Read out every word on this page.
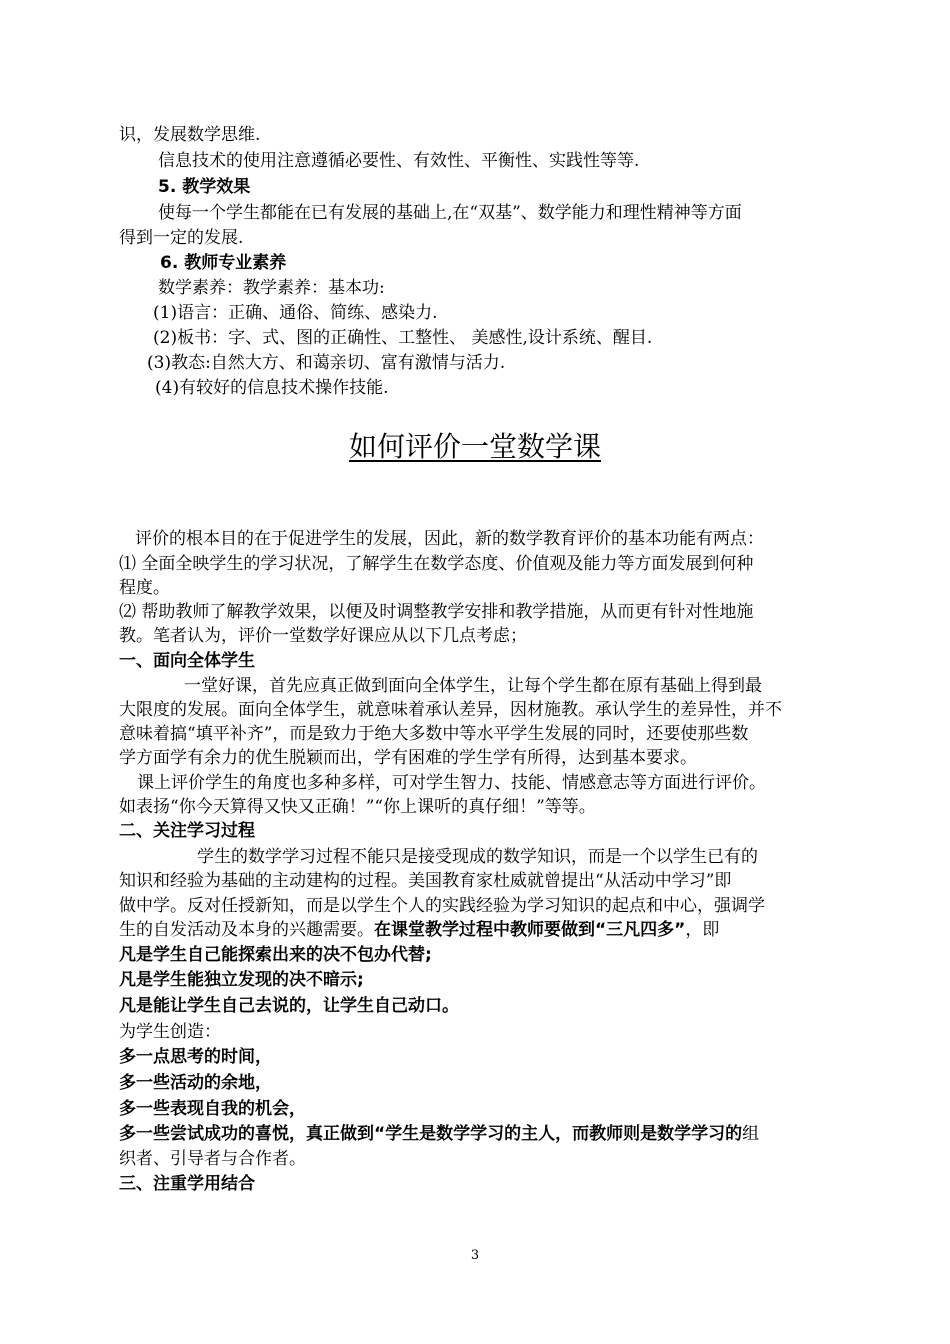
识，发展数学思维.
信息技术的使用注意遵循必要性、有效性、平衡性、实践性等等.
5. 教学效果
使每一个学生都能在已有发展的基础上,在“双基”、数学能力和理性精神等方面
得到一定的发展.
6. 教师专业素养
数学素养：教学素养：基本功:
(1)语言：正确、通俗、简练、感染力.
(2)板书：字、式、图的正确性、工整性、 美感性,设计系统、醒目.
(3)教态:自然大方、和蔼亲切、富有激情与活力.
(4)有较好的信息技术操作技能.
如何评价一堂数学课
评价的根本目的在于促进学生的发展，因此，新的数学教育评价的基本功能有两点：
⑴ 全面全映学生的学习状况，了解学生在数学态度、价值观及能力等方面发展到何种
程度。
⑵ 帮助教师了解教学效果，以便及时调整教学安排和教学措施，从而更有针对性地施
教。笔者认为，评价一堂数学好课应从以下几点考虑；
一、面向全体学生
一堂好课，首先应真正做到面向全体学生，让每个学生都在原有基础上得到最
大限度的发展。面向全体学生，就意味着承认差异，因材施教。承认学生的差异性，并不
意味着搞“填平补齐”，而是致力于绝大多数中等水平学生发展的同时，还要使那些数
学方面学有余力的优生脱颖而出，学有困难的学生学有所得，达到基本要求。
课上评价学生的角度也多种多样，可对学生智力、技能、情感意志等方面进行评价。
如表扬“你今天算得又快又正确！”“你上课听的真仔细！”等等。
二、关注学习过程
学生的数学学习过程不能只是接受现成的数学知识，而是一个以学生已有的
知识和经验为基础的主动建构的过程。美国教育家杜威就曾提出“从活动中学习”即
做中学。反对任授新知，而是以学生个人的实践经验为学习知识的起点和中心，强调学
生的自发活动及本身的兴趣需要。在课堂教学过程中教师要做到“三凡四多”，即
凡是学生自己能探索出来的决不包办代替;
凡是学生能独立发现的决不暗示;
凡是能让学生自己去说的，让学生自己动口。
为学生创造：
多一点思考的时间，
多一些活动的余地，
多一些表现自我的机会，
多一些尝试成功的喜悦，真正做到“学生是数学学习的主人，而教师则是数学学习的组
织者、引导者与合作者。
三、注重学用结合
3
